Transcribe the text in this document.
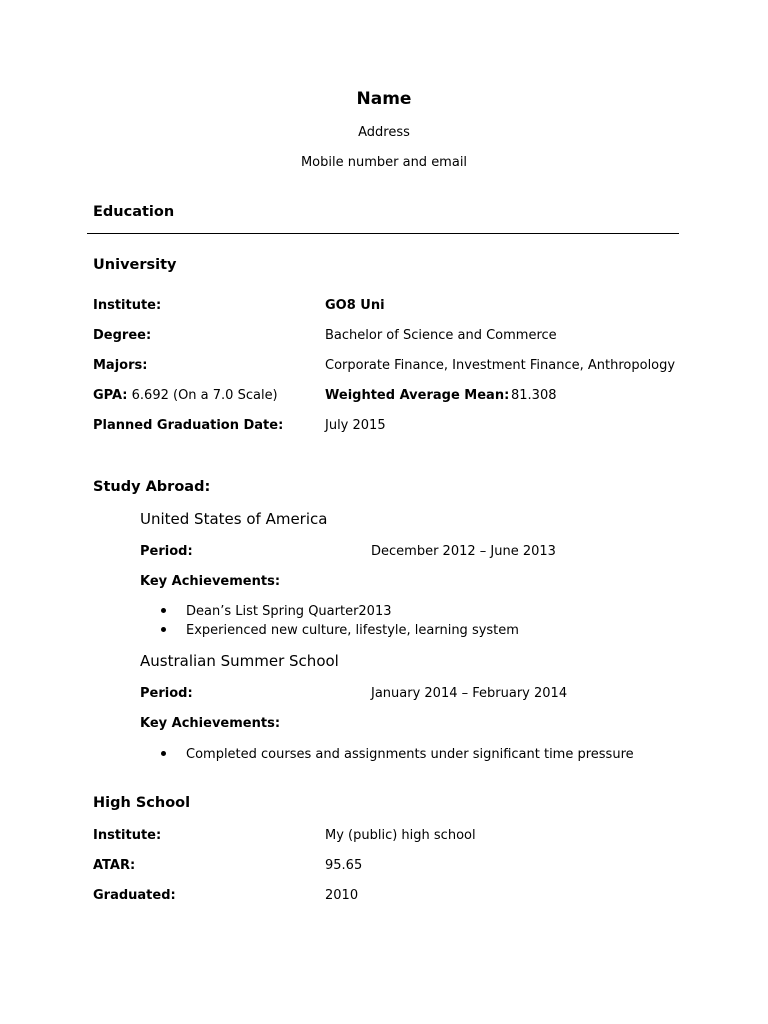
Name
Address
Mobile number and email
Education
University
Institute:	GO8 Uni
Degree:	Bachelor of Science and Commerce
Majors:	Corporate Finance, Investment Finance, Anthropology
GPA: 6.692 (On a 7.0 Scale)	Weighted Average Mean: 81.308
Planned Graduation Date:	July 2015
Study Abroad:
United States of America
Period:	December 2012 – June 2013
Key Achievements:
Dean’s List Spring Quarter2013
Experienced new culture, lifestyle, learning system
Australian Summer School
Period:	January 2014 – February 2014
Key Achievements:
Completed courses and assignments under significant time pressure
High School
Institute:	My (public) high school
ATAR:	95.65
Graduated:	2010
